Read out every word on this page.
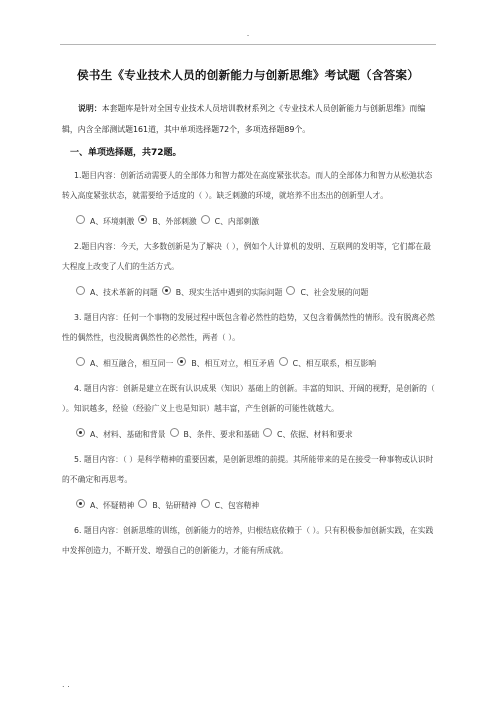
.
侯书生《专业技术人员的创新能力与创新思维》考试题（含答案）

说明：本套题库是针对全国专业技术人员培训教材系列之《专业技术人员创新能力与创新思维》而编辑，内含全部测试题161道，其中单项选择题72个，多项选择题89个。

一、单项选择题，共72题。

1.题目内容：创新活动需要人的全部体力和智力都处在高度紧张状态。而人的全部体力和智力从松弛状态转入高度紧张状态，就需要给予适度的（ ）。缺乏刺激的环境，就培养不出杰出的创新型人才。

A、环境刺激 B、外部刺激 C、内部刺激

2.题目内容：今天，大多数创新是为了解决（ ），例如个人计算机的发明、互联网的发明等，它们都在最大程度上改变了人们的生活方式。

A、技术革新的问题 B、现实生活中遇到的实际问题 C、社会发展的问题

3. 题目内容：任何一个事物的发展过程中既包含着必然性的趋势，又包含着偶然性的情形。没有脱离必然性的偶然性，也没脱离偶然性的必然性，两者（ ）。

A、相互融合，相互同一 B、相互对立，相互矛盾 C、相互联系，相互影响

4. 题目内容：创新是建立在既有认识成果（知识）基础上的创新。丰富的知识、开阔的视野，是创新的（ ）。知识越多，经验（经验广义上也是知识）越丰富，产生创新的可能性就越大。

A、材料、基础和背景 B、条件、要求和基础 C、依据、材料和要求

5. 题目内容：（ ）是科学精神的重要因素，是创新思维的前提。其所能带来的是在接受一种事物或认识时的不确定和再思考。

A、怀疑精神 B、钻研精神 C、包容精神

6. 题目内容：创新思维的训练，创新能力的培养，归根结底依赖于（ ）。只有积极参加创新实践，在实践中发挥创造力，不断开发、增强自己的创新能力，才能有所成就。

. .
